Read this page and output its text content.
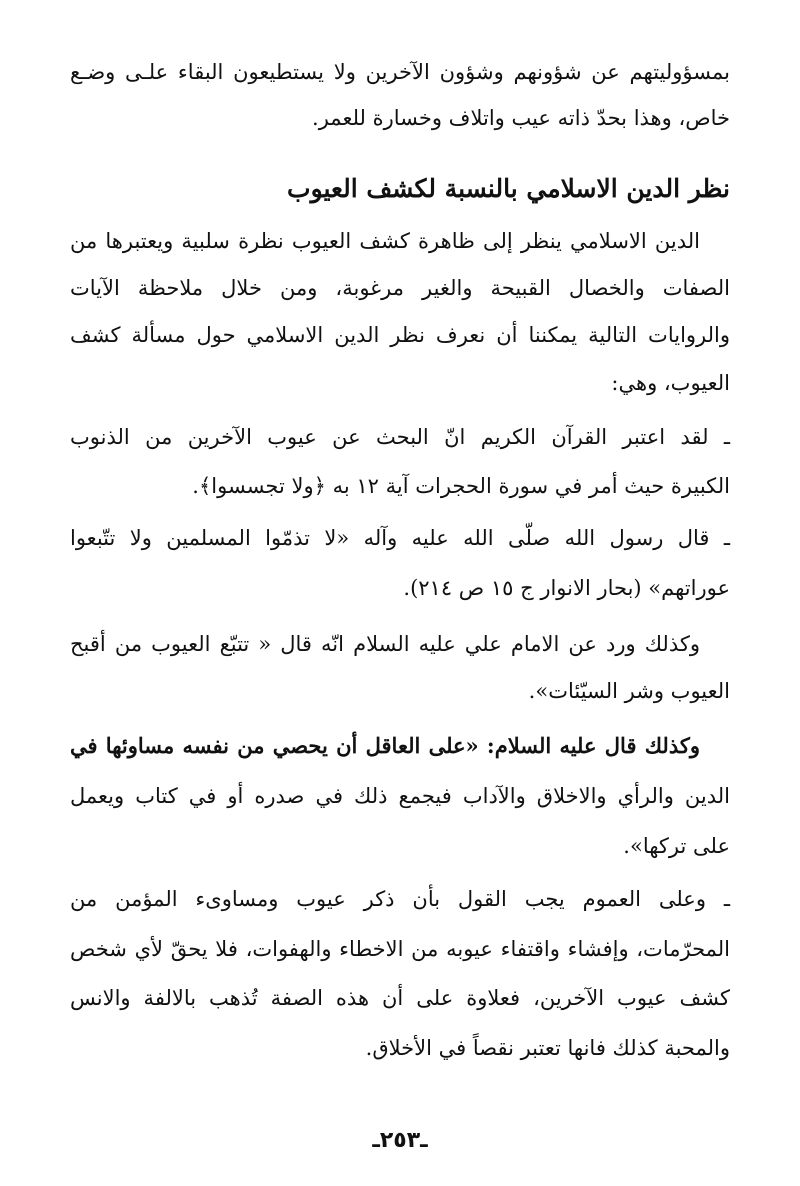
بمسؤوليتهم عن شؤونهم وشؤون الآخرين ولا يستطيعون البقاء علـى وضـع

خاص، وهذا بحدّ ذاته عيب واتلاف وخسارة للعمر.

نظر الدين الاسلامي بالنسبة لكشف العيوب

الدين الاسلامي ينظر إلى ظاهرة كشف العيوب نظرة سلبية ويعتبرها من

الصفات والخصال القبيحة والغير مرغوبة، ومن خلال ملاحظة الآيات

والروايات التالية يمكننا أن نعرف نظر الدين الاسلامي حول مسألة كشف

العيوب، وهي:

ـ لقد اعتبر القرآن الكريم انّ البحث عن عيوب الآخرين من الذنوب

الكبيرة حيث أمر في سورة الحجرات آية ١٢ به ﴿ولا تجسسوا﴾.

ـ قال رسول الله صلّى الله عليه وآله «لا تذمّوا المسلمين ولا تتّبعوا

عوراتهم» (بحار الانوار ج ١٥ ص ٢١٤).

وكذلك ورد عن الامام علي عليه السلام انّه قال « تتبّع العيوب من أقبح

العيوب وشر السيّئات».

وكذلك قال عليه السلام: «على العاقل أن يحصي من نفسه مساوئها في

الدين والرأي والاخلاق والآداب فيجمع ذلك في صدره أو في كتاب ويعمل

على تركها».

ـ وعلى العموم يجب القول بأن ذكر عيوب ومساوىء المؤمن من

المحرّمات، وإفشاء واقتفاء عيوبه من الاخطاء والهفوات، فلا يحقّ لأي شخص

كشف عيوب الآخرين، فعلاوة على أن هذه الصفة تُذهب بالالفة والانس

والمحبة كذلك فانها تعتبر نقصاً في الأخلاق.

ـ٢٥٣ـ
